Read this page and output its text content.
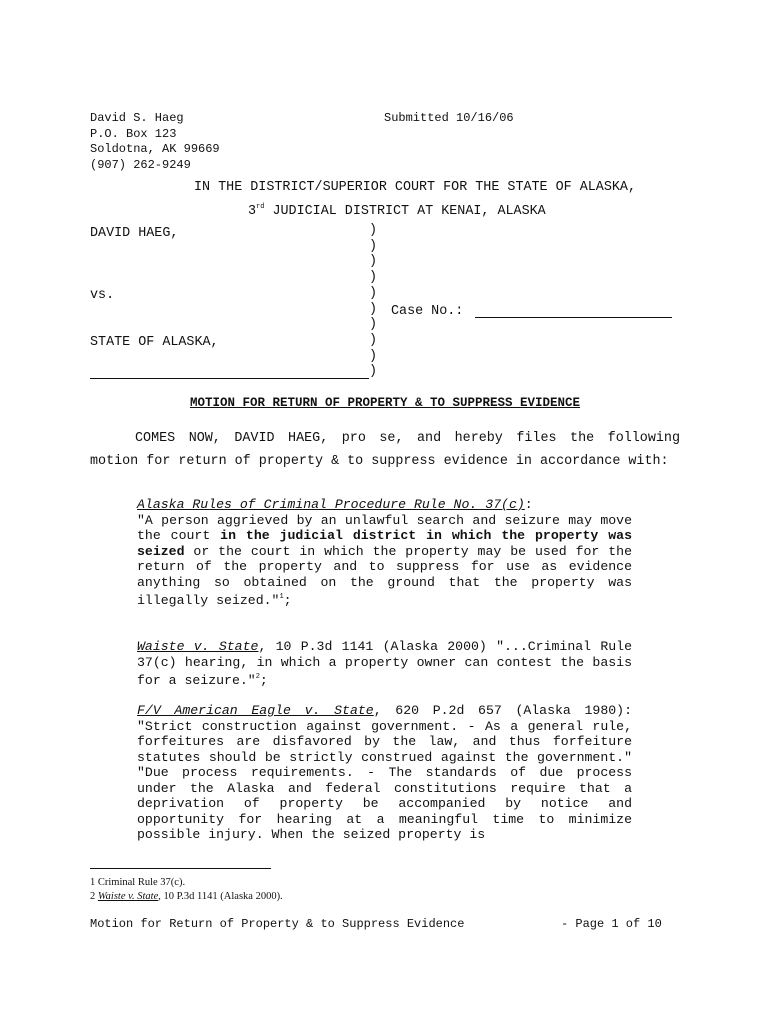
David S. Haeg
P.O. Box 123
Soldotna, AK 99669
(907) 262-9249
Submitted 10/16/06
IN THE DISTRICT/SUPERIOR COURT FOR THE STATE OF ALASKA,
3rd JUDICIAL DISTRICT AT KENAI, ALASKA
DAVID HAEG,
vs.
STATE OF ALASKA,
)
)
)
)
)
)
)
)
)
)
Case No.:
MOTION FOR RETURN OF PROPERTY & TO SUPPRESS EVIDENCE

COMES NOW, DAVID HAEG, pro se, and hereby files the following motion for return of property & to suppress evidence in accordance with:

Alaska Rules of Criminal Procedure Rule No. 37(c):
"A person aggrieved by an unlawful search and seizure may move the court in the judicial district in which the property was seized or the court in which the property may be used for the return of the property and to suppress for use as evidence anything so obtained on the ground that the property was illegally seized."$^1$;

Waiste v. State, 10 P.3d 1141 (Alaska 2000) "...Criminal Rule 37(c) hearing, in which a property owner can contest the basis for a seizure."$^2$;

F/V American Eagle v. State, 620 P.2d 657 (Alaska 1980): "Strict construction against government. - As a general rule, forfeitures are disfavored by the law, and thus forfeiture statutes should be strictly construed against the government." "Due process requirements. - The standards of due process under the Alaska and federal constitutions require that a deprivation of property be accompanied by notice and opportunity for hearing at a meaningful time to minimize possible injury. When the seized property is

1 Criminal Rule 37(c).
2 Waiste v. State, 10 P.3d 1141 (Alaska 2000).
Motion for Return of Property & to Suppress Evidence	- Page 1 of 10
